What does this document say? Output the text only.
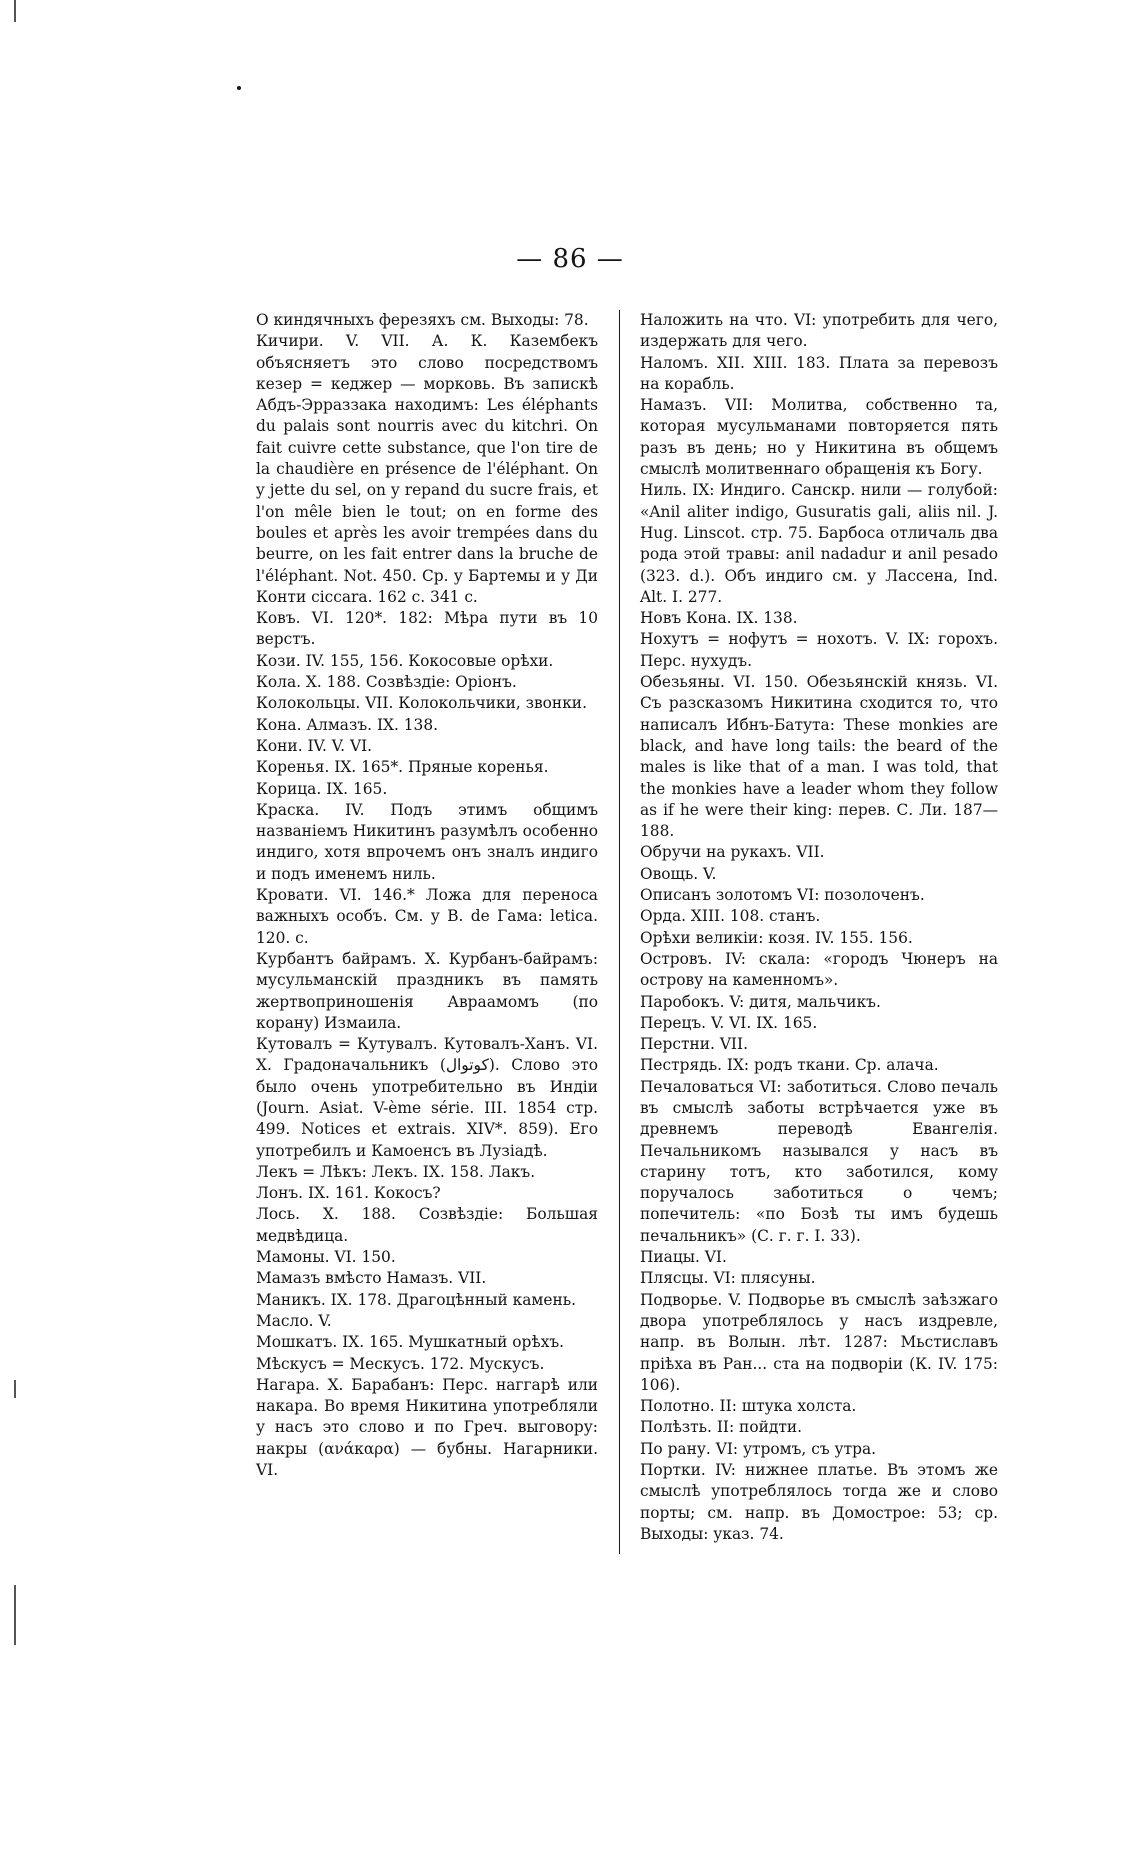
— 86 —

О киндячныхъ ферезяхъ см. Выходы: 78.

Кичири. V. VII. А. К. Казембекъ объясняетъ это слово посредствомъ кезер = кеджер — морковь. Въ запискѣ Абдъ-Эрраззака находимъ: Les éléphants du palais sont nourris avec du kitchri. On fait cuivre cette substance, que l'on tire de la chaudière en présence de l'éléphant. On y jette du sel, on y repand du sucre frais, et l'on mêle bien le tout; on en forme des boules et après les avoir trempées dans du beurre, on les fait entrer dans la bruche de l'éléphant. Not. 450. Ср. у Бартемы и у Ди Конти ciccara. 162 с. 341 с.

Ковъ. VI. 120*. 182: Мѣра пути въ 10 верстъ.

Кози. IV. 155, 156. Кокосовые орѣхи.

Кола. X. 188. Созвѣздіе: Оріонъ.

Колокольцы. VII. Колокольчики, звонки.

Кона. Алмазъ. IX. 138.

Кони. IV. V. VI.

Коренья. IX. 165*. Пряные коренья.

Корица. IX. 165.

Краска. IV. Подъ этимъ общимъ названіемъ Никитинъ разумѣлъ особенно индиго, хотя впрочемъ онъ зналъ индиго и подъ именемъ ниль.

Кровати. VI. 146.* Ложа для переноса важныхъ особъ. См. у В. de Гама: letica. 120. с.

Курбантъ байрамъ. X. Курбанъ-байрамъ: мусульманскій праздникъ въ память жертвоприношенія Авраамомъ (по корану) Измаила.

Кутовалъ = Кутувалъ. Кутовалъ-Ханъ. VI. X. Градоначальникъ (کوتوال). Слово это было очень употребительно въ Индіи (Journ. Asiat. V-ème série. III. 1854 стр. 499. Notices et extrais. XIV*. 859). Его употребилъ и Камоенсъ въ Лузіадѣ.

Лекъ = Лѣкъ: Лекъ. IX. 158. Лакъ.

Лонъ. IX. 161. Кокосъ?

Лось. X. 188. Созвѣздіе: Большая медвѣдица.

Мамоны. VI. 150.

Мамазъ вмѣсто Намазъ. VII.

Маникъ. IX. 178. Драгоцѣнный камень.

Масло. V.

Мошкатъ. IX. 165. Мушкатный орѣхъ.

Мѣскусъ = Мескусъ. 172. Мускусъ.

Нагара. X. Барабанъ: Перс. наггарѣ или накара. Во время Никитина употребляли у насъ это слово и по Греч. выговору: накры (ανάκαρα) — бубны. Нагарники. VI.

Наложить на что. VI: употребить для чего, издержать для чего.

Наломъ. XII. XIII. 183. Плата за перевозъ на корабль.

Намазъ. VII: Молитва, собственно та, которая мусульманами повторяется пять разъ въ день; но у Никитина въ общемъ смыслѣ молитвеннаго обращенія къ Богу.

Ниль. IX: Индиго. Санскр. нили — голубой: «Anil aliter indigo, Gusuratis gali, aliis nil. J. Hug. Linscot. стр. 75. Барбоса отличаль два рода этой травы: anil nadadur и anil pesado (323. d.). Объ индиго см. у Лассена, Ind. Alt. I. 277.

Новъ Кона. IX. 138.

Нохутъ = нофутъ = нохотъ. V. IX: горохъ. Перс. нухудъ.

Обезьяны. VI. 150. Обезьянскій князь. VI. Съ разсказомъ Никитина сходится то, что написалъ Ибнъ-Батута: These monkies are black, and have long tails: the beard of the males is like that of a man. I was told, that the monkies have a leader whom they follow as if he were their king: перев. С. Ли. 187—188.

Обручи на рукахъ. VII.

Овощь. V.

Описанъ золотомъ VI: позолоченъ.

Орда. XIII. 108. станъ.

Орѣхи великіи: козя. IV. 155. 156.

Островъ. IV: скала: «городъ Чюнеръ на острову на каменномъ».

Паробокъ. V: дитя, мальчикъ.

Перецъ. V. VI. IX. 165.

Перстни. VII.

Пестрядь. IX: родъ ткани. Ср. алача.

Печаловаться VI: заботиться. Слово печаль въ смыслѣ заботы встрѣчается уже въ древнемъ переводѣ Евангелія. Печальникомъ назывался у насъ въ старину тотъ, кто заботился, кому поручалось заботиться о чемъ; попечитель: «по Бозѣ ты имъ будешь печальникъ» (С. г. г. I. 33).

Пиацы. VI.

Плясцы. VI: плясуны.

Подворье. V. Подворье въ смыслѣ заѣзжаго двора употреблялось у насъ издревле, напр. въ Волын. лѣт. 1287: Мьстиславъ пріѣха въ Ран... ста на подворіи (К. IV. 175: 106).

Полотно. II: штука холста.

Полѣзть. II: пойдти.

По рану. VI: утромъ, съ утра.

Портки. IV: нижнее платье. Въ этомъ же смыслѣ употреблялось тогда же и слово порты; см. напр. въ Домострое: 53; ср. Выходы: указ. 74.
